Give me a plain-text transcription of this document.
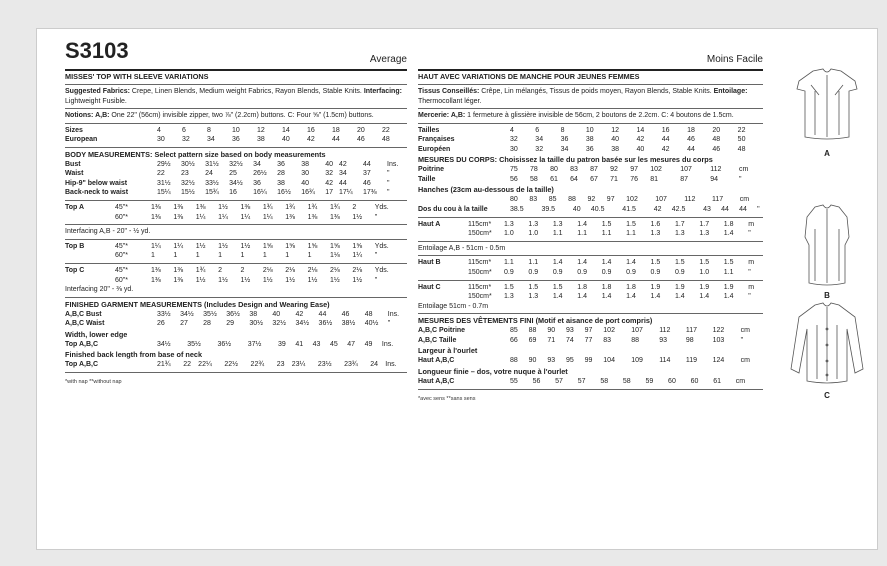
S3103	Average
MISSES' TOP WITH SLEEVE VARIATIONS
Suggested Fabrics: Crepe, Linen Blends, Medium weight Fabrics, Rayon Blends, Stable Knits. Interfacing: Lightweight Fusible.
Notions: A,B: One 22" (56cm) invisible zipper, two ⅞" (2.2cm) buttons. C: Four ⅝" (1.5cm) buttons.
Sizes	4	6	8	10	12	14	16	18	20	22	
European	30	32	34	36	38	40	42	44	46	48	
BODY MEASUREMENTS: Select pattern size based on body measurements
Bust	29½	30½	31½	32½	34	36	38	40	42	44	Ins.
Waist	22	23	24	25	26½	28	30	32	34	37	"
Hip-9" below waist	31½	32½	33½	34½	36	38	40	42	44	46	"
Back-neck to waist	15¼	15½	15¾	16	16¼	16½	16¾	17	17¼	17⅜	"
Top A	45"*	1⅜	1⅜	1⅜	1½	1⅜	1¾	1¾	1¾	1¾	2	Yds.
	60"*	1⅜	1⅜	1¼	1¼	1¼	1¼	1⅜	1⅜	1⅜	1½	"
Interfacing A,B - 20" - ½ yd.
Top B	45"*	1¼	1¼	1½	1½	1½	1⅝	1⅝	1⅝	1⅝	1⅝	Yds.
	60"*	1	1	1	1	1	1	1	1	1⅛	1¼	"
Top C	45"*	1⅜	1⅜	1¾	2	2	2⅛	2⅛	2⅛	2⅛	2⅛	Yds.
	60"*	1⅜	1⅜	1½	1½	1½	1½	1½	1½	1½	1½	"
Interfacing 20" - ⅜ yd.
FINISHED GARMENT MEASUREMENTS (Includes Design and Wearing Ease)
A,B,C Bust	33½	34½	35½	36½	38	40	42	44	46	48	Ins.
A,B,C Waist	26	27	28	29	30½	32½	34½	36½	38½	40½	"
Width, lower edge
Top A,B,C	34½	35½	36½	37½	39	41	43	45	47	49	Ins.
Finished back length from base of neck
Top A,B,C	21¾	22	22¼	22½	22¾	23	23¼	23½	23¾	24	Ins.
*with nap **without nap
Moins Facile
HAUT AVEC VARIATIONS DE MANCHE POUR JEUNES FEMMES
Tissus Conseillés: Crêpe, Lin mélangés, Tissus de poids moyen, Rayon Blends, Stable Knits. Entoilage: Thermocollant léger.
Mercerie: A,B: 1 fermeture à glissière invisible de 56cm, 2 boutons de 2.2cm. C: 4 boutons de 1.5cm.
Tailles	4	6	8	10	12	14	16	18	20	22	
Françaises	32	34	36	38	40	42	44	46	48	50	
Européen	30	32	34	36	38	40	42	44	46	48	
MESURES DU CORPS: Choisissez la taille du patron basée sur les mesures du corps
Poitrine	75	78	80	83	87	92	97	102	107	112	cm
Taille	56	58	61	64	67	71	76	81	87	94	"
Hanches (23cm au-dessous de la taille)
	80	83	85	88	92	97	102	107	112	117	cm
Dos du cou à la taille	38.5	39.5	40	40.5	41.5	42	42.5	43	44	44	"
Haut A	115cm*	1.3	1.3	1.3	1.4	1.5	1.5	1.6	1.7	1.7	1.8	m
	150cm*	1.0	1.0	1.1	1.1	1.1	1.1	1.3	1.3	1.3	1.4	"
Entoilage A,B - 51cm - 0.5m
Haut B	115cm*	1.1	1.1	1.4	1.4	1.4	1.4	1.5	1.5	1.5	1.5	m
	150cm*	0.9	0.9	0.9	0.9	0.9	0.9	0.9	0.9	1.0	1.1	"
Haut C	115cm*	1.5	1.5	1.5	1.8	1.8	1.8	1.9	1.9	1.9	1.9	m
	150cm*	1.3	1.3	1.4	1.4	1.4	1.4	1.4	1.4	1.4	1.4	"
Entoilage 51cm - 0.7m
MESURES DES VÊTEMENTS FINI (Motif et aisance de port compris)
A,B,C Poitrine	85	88	90	93	97	102	107	112	117	122	cm
A,B,C Taille	66	69	71	74	77	83	88	93	98	103	"
Largeur à l'ourlet
Haut A,B,C	88	90	93	95	99	104	109	114	119	124	cm
Longueur finie – dos, votre nuque à l'ourlet
Haut A,B,C	55	56	57	57	58	58	59	60	60	61	cm
*avec sens **sans sens
A
B
C
